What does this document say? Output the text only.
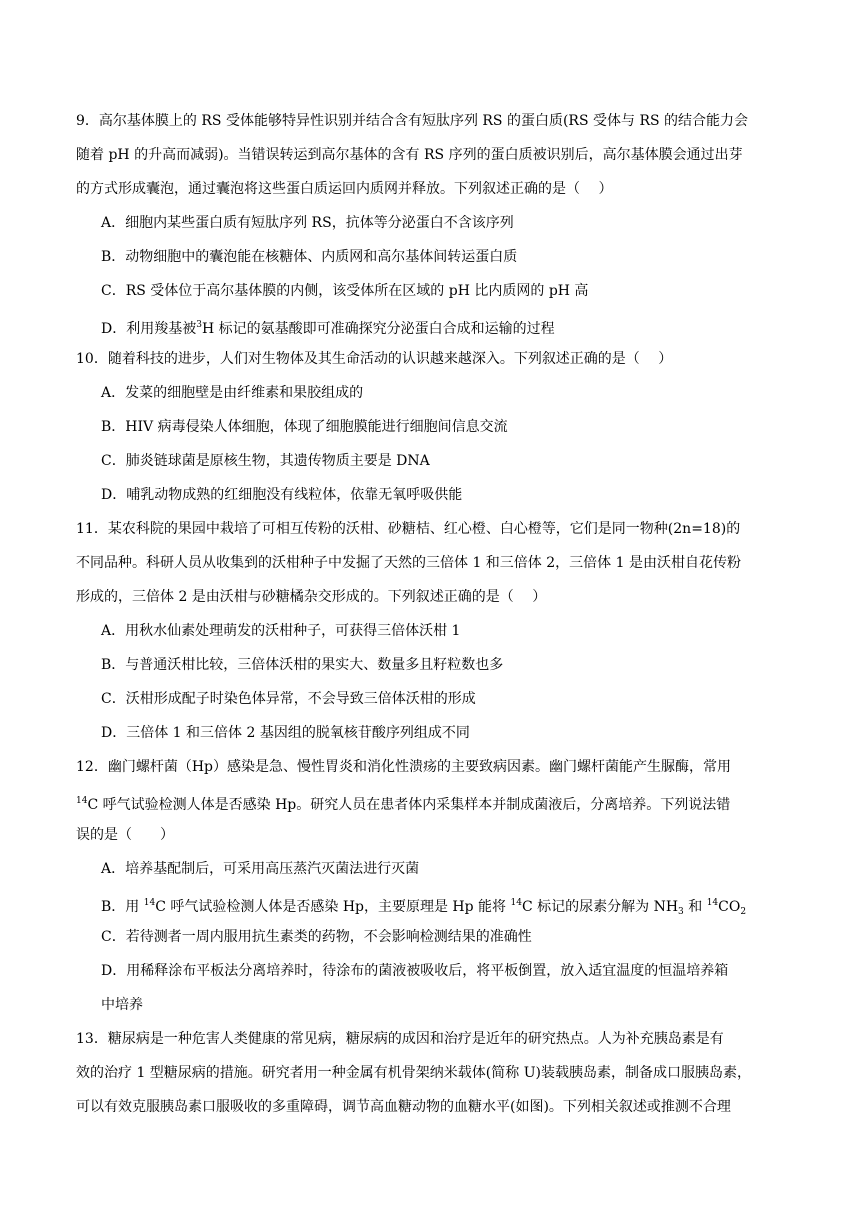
9．高尔基体膜上的 RS 受体能够特异性识别并结合含有短肽序列 RS 的蛋白质(RS 受体与 RS 的结合能力会
随着 pH 的升高而减弱)。当错误转运到高尔基体的含有 RS 序列的蛋白质被识别后，高尔基体膜会通过出芽
的方式形成囊泡，通过囊泡将这些蛋白质运回内质网并释放。下列叙述正确的是（　 ）
A．细胞内某些蛋白质有短肽序列 RS，抗体等分泌蛋白不含该序列
B．动物细胞中的囊泡能在核糖体、内质网和高尔基体间转运蛋白质
C．RS 受体位于高尔基体膜的内侧，该受体所在区域的 pH 比内质网的 pH 高
D．利用羧基被$^3$H 标记的氨基酸即可准确探究分泌蛋白合成和运输的过程
10．随着科技的进步，人们对生物体及其生命活动的认识越来越深入。下列叙述正确的是（　 ）
A．发菜的细胞壁是由纤维素和果胶组成的
B．HIV 病毒侵染人体细胞，体现了细胞膜能进行细胞间信息交流
C．肺炎链球菌是原核生物，其遗传物质主要是 DNA
D．哺乳动物成熟的红细胞没有线粒体，依靠无氧呼吸供能
11．某农科院的果园中栽培了可相互传粉的沃柑、砂糖桔、红心橙、白心橙等，它们是同一物种(2n=18)的
不同品种。科研人员从收集到的沃柑种子中发掘了天然的三倍体 1 和三倍体 2，三倍体 1 是由沃柑自花传粉
形成的，三倍体 2 是由沃柑与砂糖橘杂交形成的。下列叙述正确的是（　 ）
A．用秋水仙素处理萌发的沃柑种子，可获得三倍体沃柑 1
B．与普通沃柑比较，三倍体沃柑的果实大、数量多且籽粒数也多
C．沃柑形成配子时染色体异常，不会导致三倍体沃柑的形成
D．三倍体 1 和三倍体 2 基因组的脱氧核苷酸序列组成不同
12．幽门螺杆菌（Hp）感染是急、慢性胃炎和消化性溃疡的主要致病因素。幽门螺杆菌能产生脲酶，常用
$^{14}$C 呼气试验检测人体是否感染 Hp。研究人员在患者体内采集样本并制成菌液后，分离培养。下列说法错
误的是（　　）
A．培养基配制后，可采用高压蒸汽灭菌法进行灭菌
B．用 $^{14}$C 呼气试验检测人体是否感染 Hp，主要原理是 Hp 能将 $^{14}$C 标记的尿素分解为 $NH_3$ 和 $^{14}CO_2$
C．若待测者一周内服用抗生素类的药物，不会影响检测结果的准确性
D．用稀释涂布平板法分离培养时，待涂布的菌液被吸收后，将平板倒置，放入适宜温度的恒温培养箱
中培养
13．糖尿病是一种危害人类健康的常见病，糖尿病的成因和治疗是近年的研究热点。人为补充胰岛素是有
效的治疗 1 型糖尿病的措施。研究者用一种金属有机骨架纳米载体(简称 U)装载胰岛素，制备成口服胰岛素，
可以有效克服胰岛素口服吸收的多重障碍，调节高血糖动物的血糖水平(如图)。下列相关叙述或推测不合理
